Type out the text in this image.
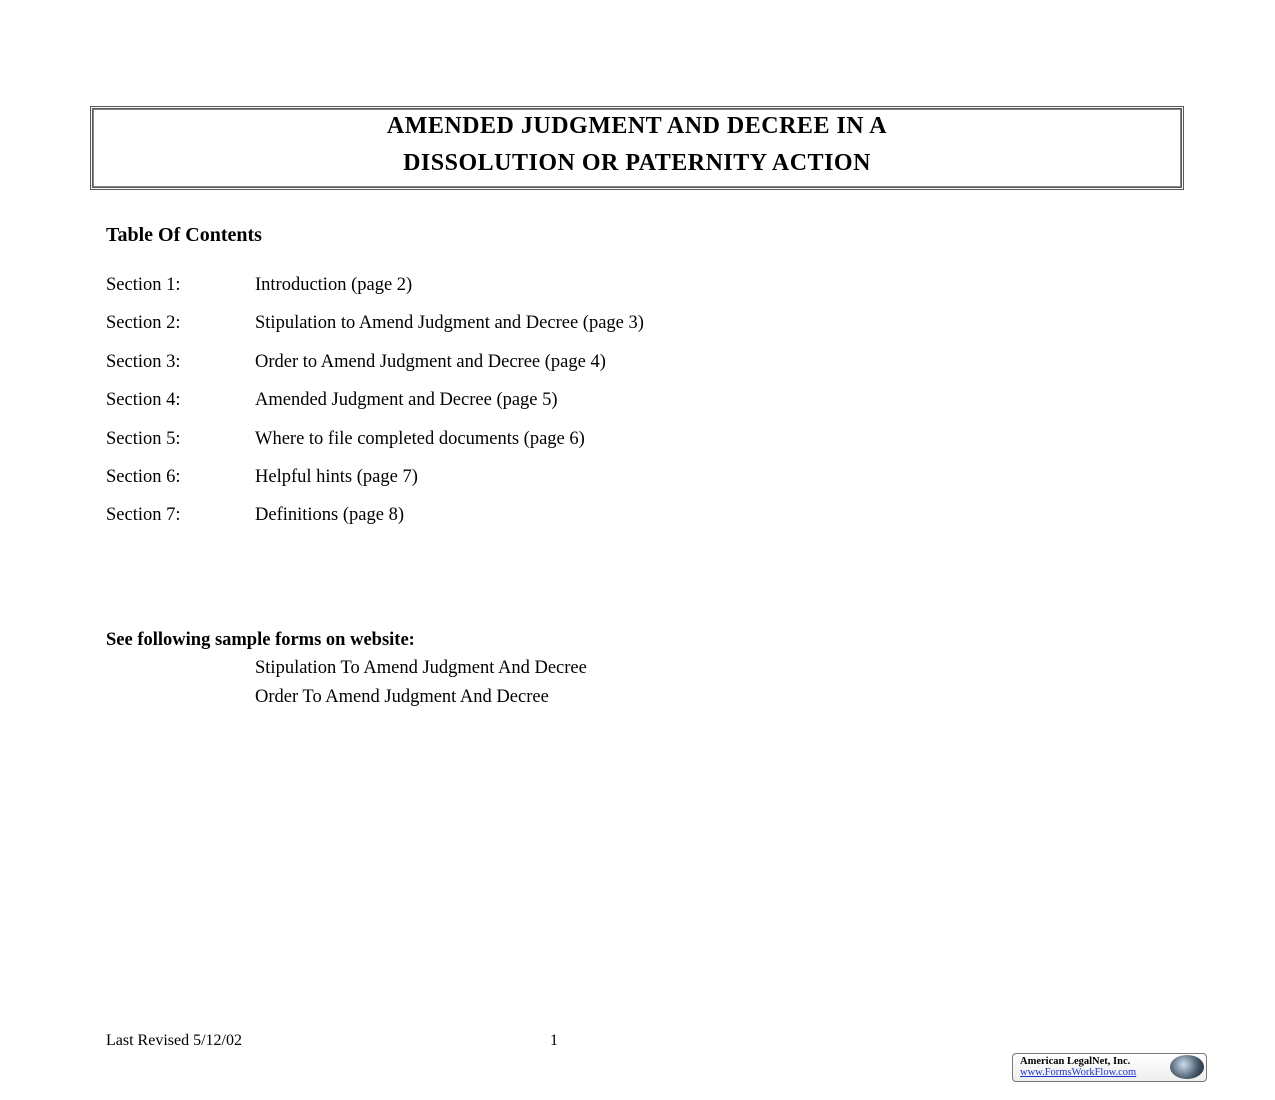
AMENDED JUDGMENT AND DECREE IN A
DISSOLUTION OR PATERNITY ACTION
Table Of Contents
Section 1:	Introduction (page 2)
Section 2:	Stipulation to Amend Judgment and Decree (page 3)
Section 3:	Order to Amend Judgment and Decree (page 4)
Section 4:	Amended Judgment and Decree (page 5)
Section 5:	Where to file completed documents (page 6)
Section 6:	Helpful hints (page 7)
Section 7:	Definitions (page 8)
See following sample forms on website:
Stipulation To Amend Judgment And Decree
Order To Amend Judgment And Decree
Last Revised 5/12/02	1
American LegalNet, Inc.
www.FormsWorkFlow.com
